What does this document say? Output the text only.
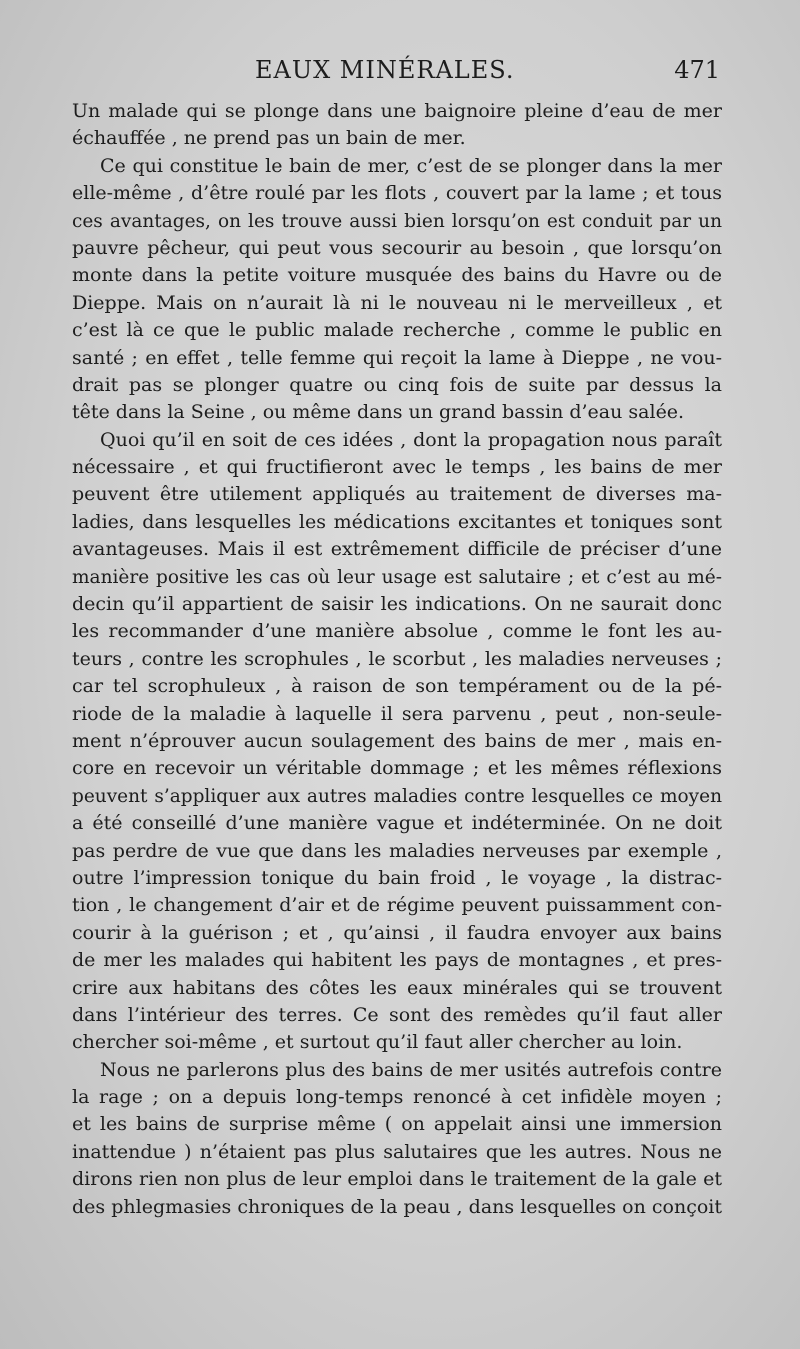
EAUX MINÉRALES.	471
Un malade qui se plonge dans une baignoire pleine d’eau de mer
échauffée , ne prend pas un bain de mer.
Ce qui constitue le bain de mer, c’est de se plonger dans la mer
elle-même , d’être roulé par les flots , couvert par la lame ; et tous
ces avantages, on les trouve aussi bien lorsqu’on est conduit par un
pauvre pêcheur, qui peut vous secourir au besoin , que lorsqu’on
monte dans la petite voiture musquée des bains du Havre ou de
Dieppe. Mais on n’aurait là ni le nouveau ni le merveilleux , et
c’est là ce que le public malade recherche , comme le public en
santé ; en effet , telle femme qui reçoit la lame à Dieppe , ne vou-
drait pas se plonger quatre ou cinq fois de suite par dessus la
tête dans la Seine , ou même dans un grand bassin d’eau salée.
Quoi qu’il en soit de ces idées , dont la propagation nous paraît
nécessaire , et qui fructifieront avec le temps , les bains de mer
peuvent être utilement appliqués au traitement de diverses ma-
ladies, dans lesquelles les médications excitantes et toniques sont
avantageuses. Mais il est extrêmement difficile de préciser d’une
manière positive les cas où leur usage est salutaire ; et c’est au mé-
decin qu’il appartient de saisir les indications. On ne saurait donc
les recommander d’une manière absolue , comme le font les au-
teurs , contre les scrophules , le scorbut , les maladies nerveuses ;
car tel scrophuleux , à raison de son tempérament ou de la pé-
riode de la maladie à laquelle il sera parvenu , peut , non-seule-
ment n’éprouver aucun soulagement des bains de mer , mais en-
core en recevoir un véritable dommage ; et les mêmes réflexions
peuvent s’appliquer aux autres maladies contre lesquelles ce moyen
a été conseillé d’une manière vague et indéterminée. On ne doit
pas perdre de vue que dans les maladies nerveuses par exemple ,
outre l’impression tonique du bain froid , le voyage , la distrac-
tion , le changement d’air et de régime peuvent puissamment con-
courir à la guérison ; et , qu’ainsi , il faudra envoyer aux bains
de mer les malades qui habitent les pays de montagnes , et pres-
crire aux habitans des côtes les eaux minérales qui se trouvent
dans l’intérieur des terres. Ce sont des remèdes qu’il faut aller
chercher soi-même , et surtout qu’il faut aller chercher au loin.
Nous ne parlerons plus des bains de mer usités autrefois contre
la rage ; on a depuis long-temps renoncé à cet infidèle moyen ;
et les bains de surprise même ( on appelait ainsi une immersion
inattendue ) n’étaient pas plus salutaires que les autres. Nous ne
dirons rien non plus de leur emploi dans le traitement de la gale et
des phlegmasies chroniques de la peau , dans lesquelles on conçoit
